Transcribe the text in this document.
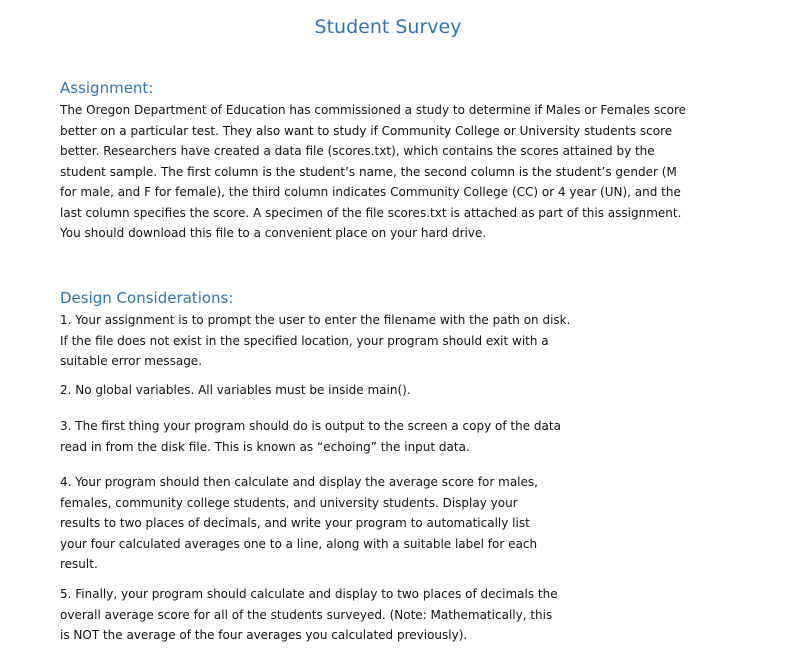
Student Survey
Assignment:
The Oregon Department of Education has commissioned a study to determine if Males or Females score
better on a particular test. They also want to study if Community College or University students score
better. Researchers have created a data file (scores.txt), which contains the scores attained by the
student sample. The first column is the student’s name, the second column is the student’s gender (M
for male, and F for female), the third column indicates Community College (CC) or 4 year (UN), and the
last column specifies the score. A specimen of the file scores.txt is attached as part of this assignment.
You should download this file to a convenient place on your hard drive.
Design Considerations:
1. Your assignment is to prompt the user to enter the filename with the path on disk.
If the file does not exist in the specified location, your program should exit with a
suitable error message.
2. No global variables. All variables must be inside main().
3. The first thing your program should do is output to the screen a copy of the data
read in from the disk file. This is known as “echoing” the input data.
4. Your program should then calculate and display the average score for males,
females, community college students, and university students. Display your
results to two places of decimals, and write your program to automatically list
your four calculated averages one to a line, along with a suitable label for each
result.
5. Finally, your program should calculate and display to two places of decimals the
overall average score for all of the students surveyed. (Note: Mathematically, this
is NOT the average of the four averages you calculated previously).
